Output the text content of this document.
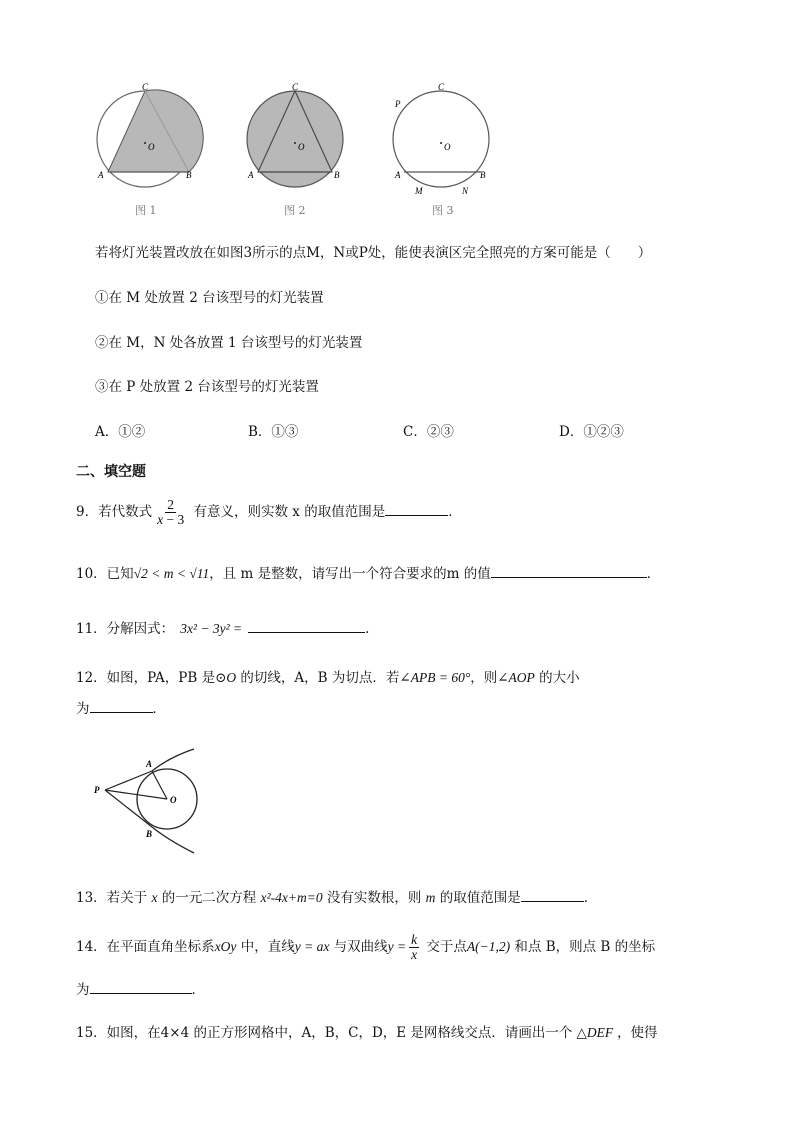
C
O
A	B
图 1
C
O
A	B
图 2
P
C
O
A	B
M	N
图 3
若将灯光装置改放在如图3所示的点M，N或P处，能使表演区完全照亮的方案可能是（　　）
①在 M 处放置 2 台该型号的灯光装置
②在 M，N 处各放置 1 台该型号的灯光装置
③在 P 处放置 2 台该型号的灯光装置
A．①②	B．①③	C．②③	D．①②③
二、填空题
9．若代数式 $\frac{2}{x - 3}$ 有意义，则实数 x 的取值范围是	．
10．已知√2 < m < √11，且 m 是整数，请写出一个符合要求的m 的值	．
11．分解因式： 3x² − 3y² =	.
12．如图，PA，PB 是⊙O 的切线，A，B 为切点．若∠APB = 60°，则∠AOP 的大小
为	．
P
A
O
B
13．若关于 x 的一元二次方程 x²-4x+m=0 没有实数根，则 m 的取值范围是	．
14．在平面直角坐标系xOy 中，直线y = ax 与双曲线$y = \frac{k}{x}$ 交于点A(−1,2) 和点 B，则点 B 的坐标
为	．
15．如图，在4×4 的正方形网格中，A，B，C，D，E 是网格线交点．请画出一个 △DEF ，使得
